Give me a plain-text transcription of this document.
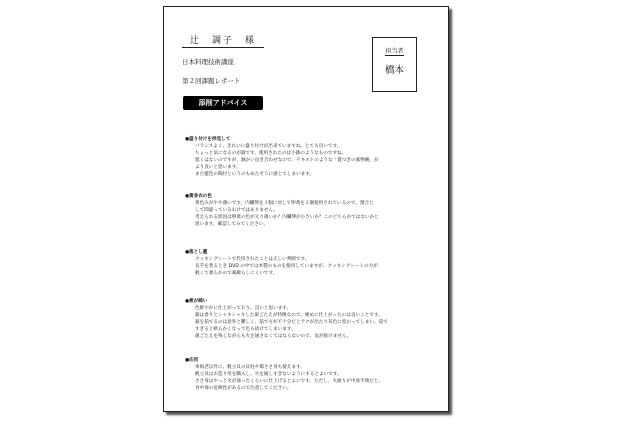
辻　調子　様
日本料理技術講座
第２回課題レポート
担当者
橋本
添削アドバイス
● 盛り付けを拝見して
バランスよく、きれいに盛り付けが出来ていますね。とても良いです。
ちょっと気になるのが器です。使用されたのは小鉢のようなものですね。
悪くはないのですが、鉢かい良き合わせなので、テキストのような「置つきの素物碗」が
より良いと思います。
また藍色の陶付というのもめたそうに感じてしまいます。
● 黄身衣の色
黄色みがやや薄いです。内臓卵を３個に対して卵黄を２個使用されているので、割合と
して間違っているわけではありません。
考えられる原因は卵黄の色が元々薄いか？内臓卵が小さいか？このどちらかではないかと
思います。確認してみてください。
● 落とし蓋
クッキングシートで代用されたことは正しい判断です。
長芋を煮るとき DVD の中では木製のものを使用していますが、クッキングシートの方が
軽くて柔らかので素敵らしにくいです。
● 煮が綺い
色鮮やかに仕上がっており、良いと思います。
蕗は香りとシャキシャキした歯ごたえが特徴なので、硬めに仕上がったのは良いことです。
蕗を茹でるのは意外と難しく、茹で方が不十分だとアクが出たり灰色に変わってしまい、茹で
すぎると軟らかくなって色も抜けてしまいます。
歯ごたえを残しながらも火を通さなくてはならないので、気が抜けません。
● 応用
車海老以外に、帆立貝の貝柱や鶏ささ身も使えます。
帆立貝はお造り用を購入し、火を通しすぎないようにするとよいです。
ささ身はやっと火が通ったくらいに仕上げるとよいです。ただし、火通りが中途半端だと、
食中毒の危険性があるので注意してください。
